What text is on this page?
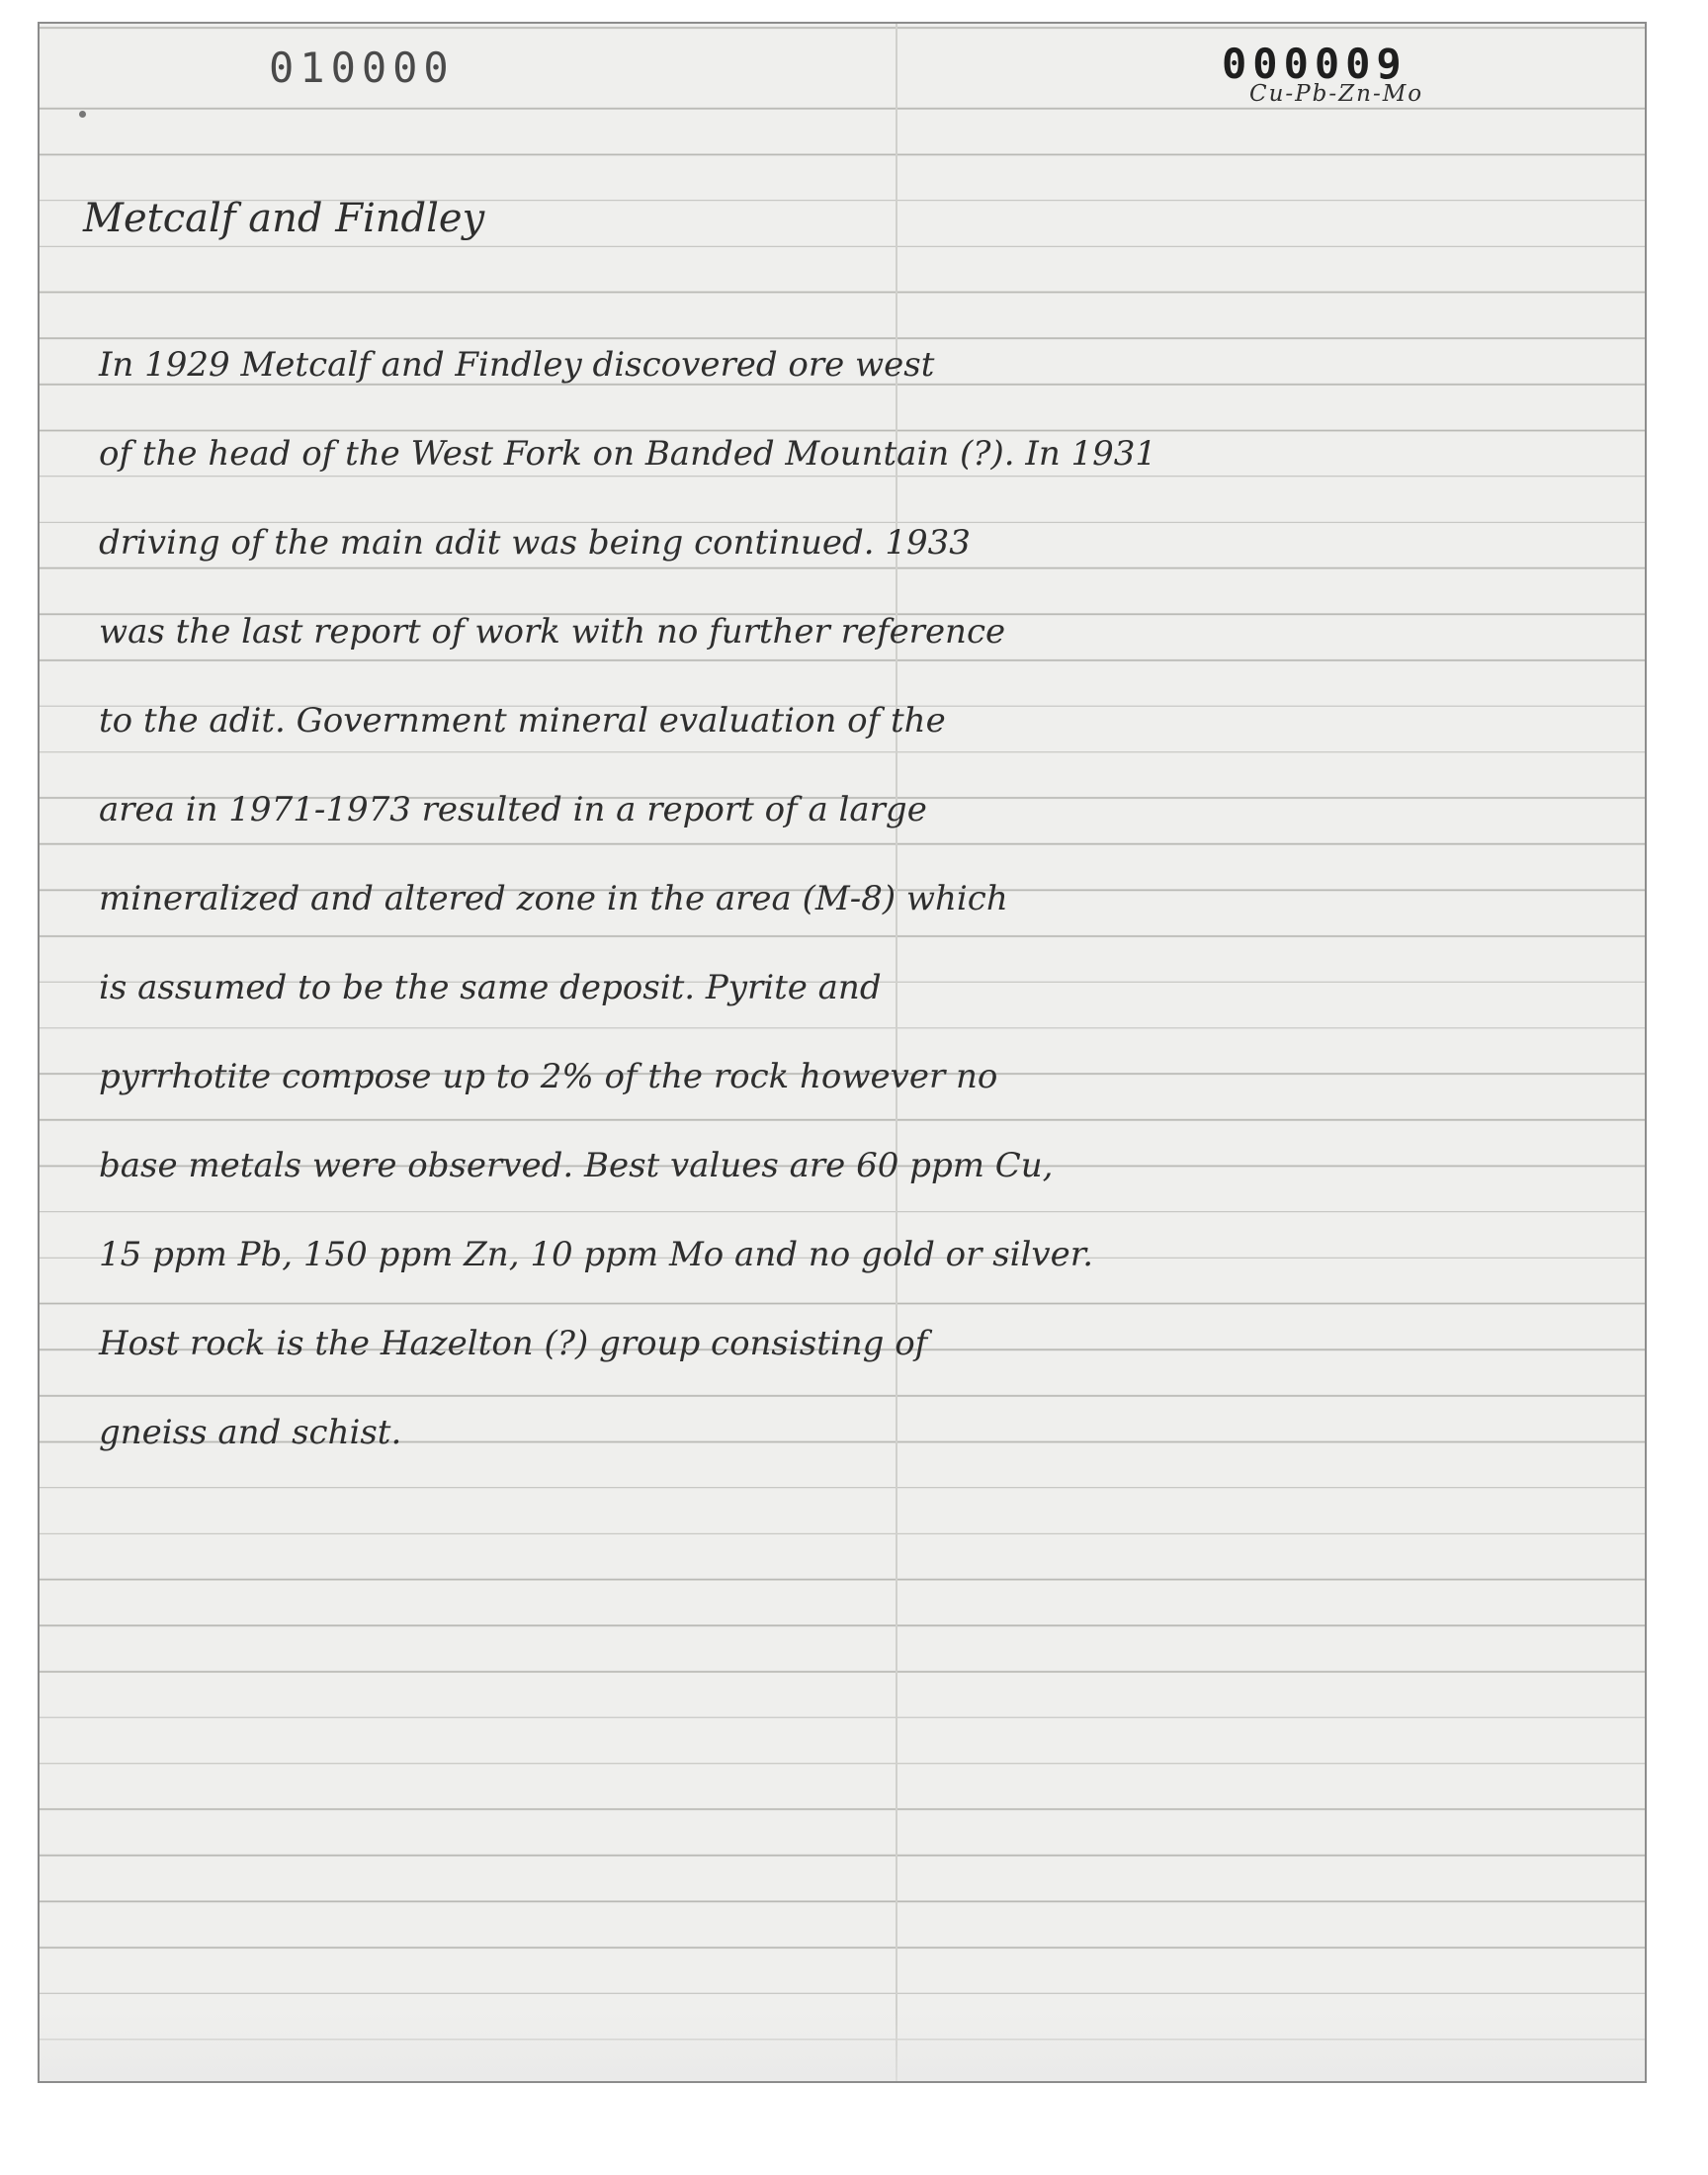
010000	000009
Cu-Pb-Zn-Mo
Metcalf and Findley
In 1929 Metcalf and Findley discovered ore west
of the head of the West Fork on Banded Mountain (?). In 1931
driving of the main adit was being continued. 1933
was the last report of work with no further reference
to the adit. Government mineral evaluation of the
area in 1971-1973 resulted in a report of a large
mineralized and altered zone in the area (M-8) which
is assumed to be the same deposit. Pyrite and
pyrrhotite compose up to 2% of the rock however no
base metals were observed. Best values are 60 ppm Cu,
15 ppm Pb, 150 ppm Zn, 10 ppm Mo and no gold or silver.
Host rock is the Hazelton (?) group consisting of
gneiss and schist.
